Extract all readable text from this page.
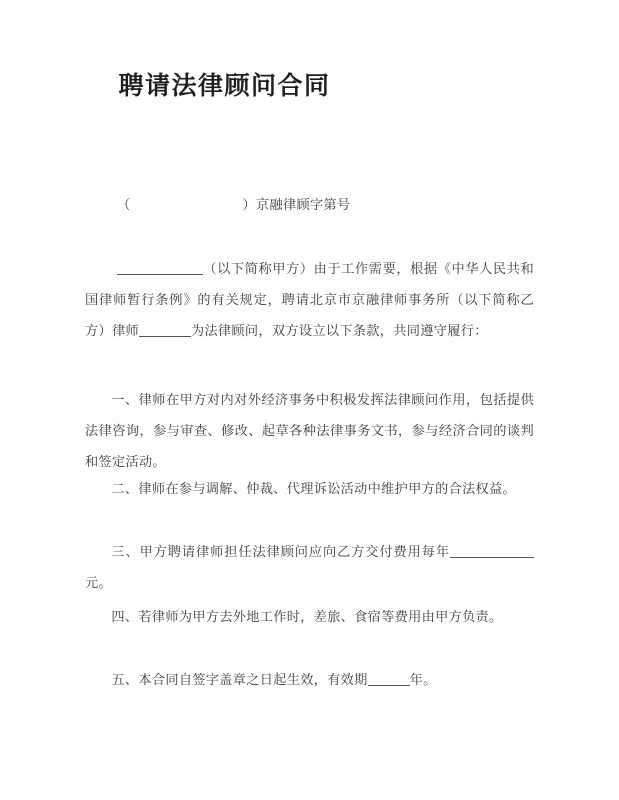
聘请法律顾问合同

（	）京融律顾字第号

（以下简称甲方）由于工作需要，根据《中华人民共和国律师暂行条例》的有关规定，聘请北京市京融律师事务所（以下简称乙方）律师	为法律顾问，双方设立以下条款，共同遵守履行：

一、律师在甲方对内对外经济事务中积极发挥法律顾问作用，包括提供法律咨询，参与审查、修改、起草各种法律事务文书，参与经济合同的谈判和签定活动。

二、律师在参与调解、仲裁、代理诉讼活动中维护甲方的合法权益。

三、甲方聘请律师担任法律顾问应向乙方交付费用每年元。

四、若律师为甲方去外地工作时，差旅、食宿等费用由甲方负责。

五、本合同自签字盖章之日起生效，有效期	年。
